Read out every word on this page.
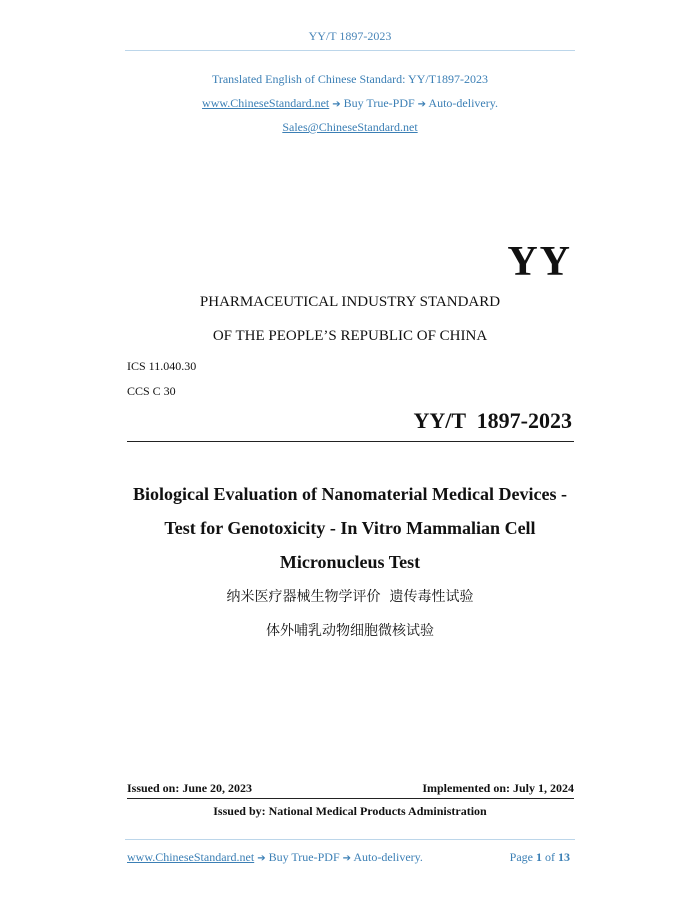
YY/T 1897-2023
Translated English of Chinese Standard: YY/T1897-2023
www.ChineseStandard.net ➔ Buy True-PDF ➔ Auto-delivery.
Sales@ChineseStandard.net
YY
PHARMACEUTICAL INDUSTRY STANDARD
OF THE PEOPLE’S REPUBLIC OF CHINA
ICS 11.040.30
CCS C 30
YY/T  1897-2023
Biological Evaluation of Nanomaterial Medical Devices -
Test for Genotoxicity - In Vitro Mammalian Cell
Micronucleus Test
纳米医疗器械生物学评价  遗传毒性试验
体外哺乳动物细胞微核试验
Issued on: June 20, 2023	Implemented on: July 1, 2024
Issued by: National Medical Products Administration
www.ChineseStandard.net ➔ Buy True-PDF ➔ Auto-delivery.	Page 1 of 13
